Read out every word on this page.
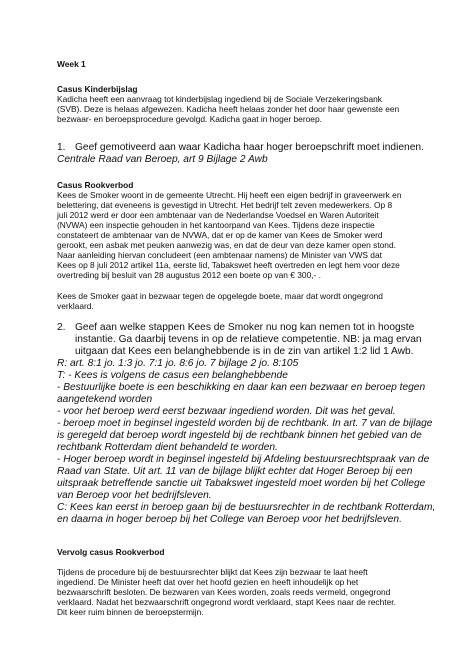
Week 1
Casus Kinderbijslag
Kadicha heeft een aanvraag tot kinderbijslag ingediend bij de Sociale Verzekeringsbank
(SVB). Deze is helaas afgewezen. Kadicha heeft helaas zonder het door haar gewenste een
bezwaar- en beroepsprocedure gevolgd. Kadicha gaat in hoger beroep.
1. Geef gemotiveerd aan waar Kadicha haar hoger beroepschrift moet indienen.
Centrale Raad van Beroep, art 9 Bijlage 2 Awb
Casus Rookverbod
Kees de Smoker woont in de gemeente Utrecht. Hij heeft een eigen bedrijf in graveerwerk en
belettering, dat eveneens is gevestigd in Utrecht. Het bedrijf telt zeven medewerkers. Op 8
juli 2012 werd er door een ambtenaar van de Nederlandse Voedsel en Waren Autoriteit
(NVWA) een inspectie gehouden in het kantoorpand van Kees. Tijdens deze inspectie
constateert de ambtenaar van de NVWA, dat er op de kamer van Kees de Smoker werd
gerookt, een asbak met peuken aanwezig was, en dat de deur van deze kamer open stond.
Naar aanleiding hiervan concludeert (een ambtenaar namens) de Minister van VWS dat
Kees op 8 juli 2012 artikel 11a, eerste lid, Tabakswet heeft overtreden en legt hem voor deze
overtreding bij besluit van 28 augustus 2012 een boete op van € 300,- .
Kees de Smoker gaat in bezwaar tegen de opgelegde boete, maar dat wordt ongegrond
verklaard.
2. Geef aan welke stappen Kees de Smoker nu nog kan nemen tot in hoogste
instantie. Ga daarbij tevens in op de relatieve competentie. NB: ja mag ervan
uitgaan dat Kees een belanghebbende is in de zin van artikel 1:2 lid 1 Awb.
R: art. 8:1 jo. 1:3 jo. 7:1 jo. 8:6 jo. 7 bijlage 2 jo. 8:105
T: - Kees is volgens de casus een belanghebbende
- Bestuurlijke boete is een beschikking en daar kan een bezwaar en beroep tegen
aangetekend worden
- voor het beroep werd eerst bezwaar ingediend worden. Dit was het geval.
- beroep moet in beginsel ingesteld worden bij de rechtbank. In art. 7 van de bijlage
is geregeld dat beroep wordt ingesteld bij de rechtbank binnen het gebied van de
rechtbank Rotterdam dient behandeld te worden.
- Hoger beroep wordt in beginsel ingesteld bij Afdeling bestuursrechtspraak van de
Raad van State. Uit art. 11 van de bijlage blijkt echter dat Hoger Beroep bij een
uitspraak betreffende sanctie uit Tabakswet ingesteld moet worden bij het College
van Beroep voor het bedrijfsleven.
C: Kees kan eerst in beroep gaan bij de bestuursrechter in de rechtbank Rotterdam,
en daarna in hoger beroep bij het College van Beroep voor het bedrijfsleven.
Vervolg casus Rookverbod
Tijdens de procedure bij de bestuursrechter blijkt dat Kees zijn bezwaar te laat heeft
ingediend. De Minister heeft dat over het hoofd gezien en heeft inhoudelijk op het
bezwaarschrift besloten. De bezwaren van Kees worden, zoals reeds vermeld, ongegrond
verklaard. Nadat het bezwaarschrift ongegrond wordt verklaard, stapt Kees naar de rechter.
Dit keer ruim binnen de beroepstermijn.
